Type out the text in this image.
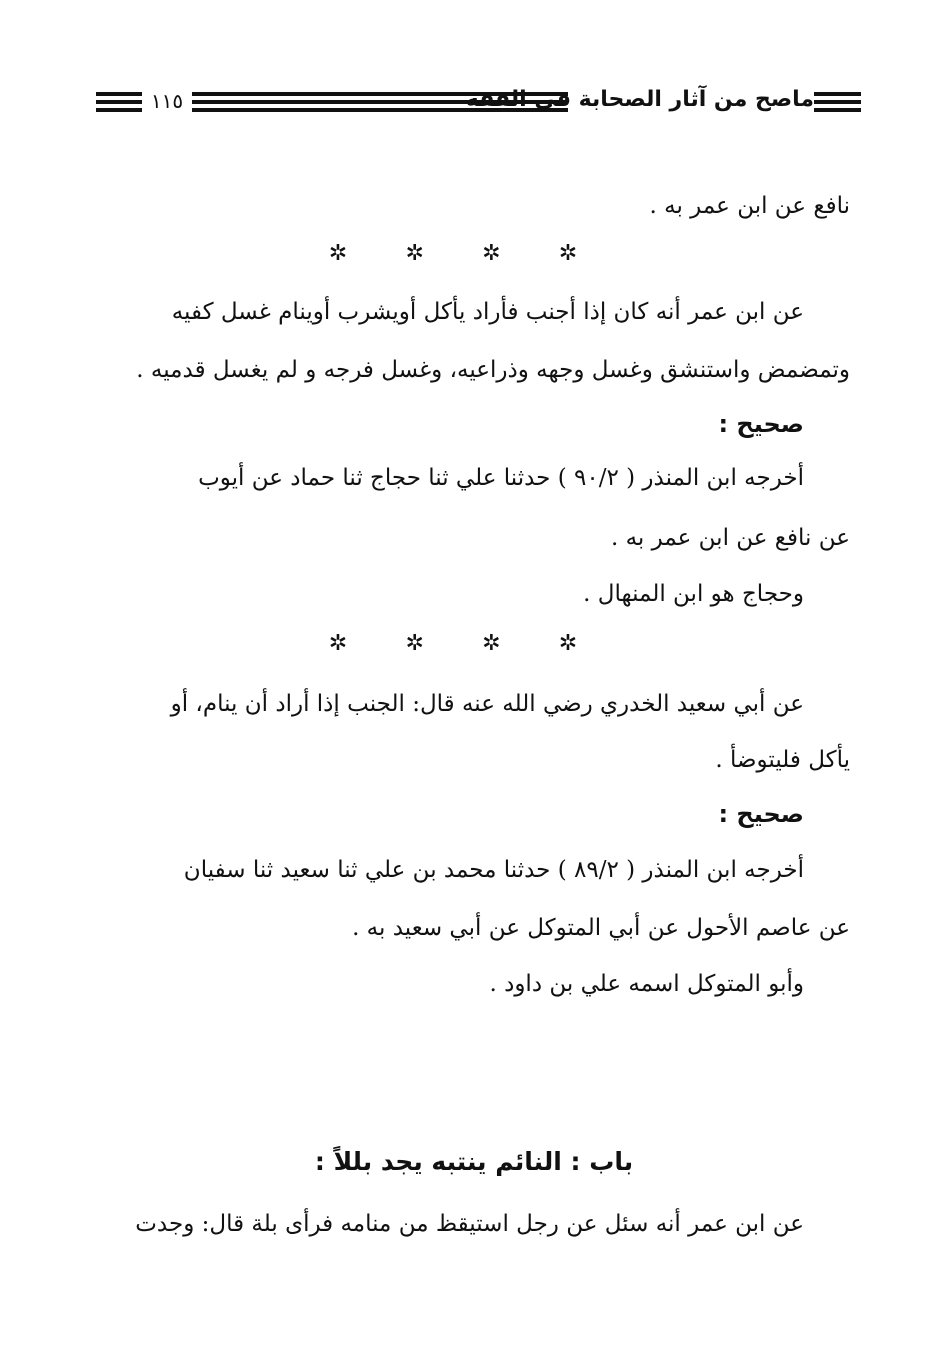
١١٥	ماصح من آثار الصحابة في الفقه
نافع عن ابن عمر به .
✲	✲	✲	✲
عن ابن عمر أنه كان إذا أجنب فأراد يأكل أويشرب أوينام غسل كفيه
وتمضمض واستنشق وغسل وجهه وذراعيه، وغسل فرجه و لم يغسل قدميه .
صحيح :
أخرجه ابن المنذر ( ٩٠/٢ ) حدثنا علي ثنا حجاج ثنا حماد عن أيوب
عن نافع عن ابن عمر به .
وحجاج هو ابن المنهال .
✲	✲	✲	✲
عن أبي سعيد الخدري رضي الله عنه قال: الجنب إذا أراد أن ينام، أو
يأكل فليتوضأ .
صحيح :
أخرجه ابن المنذر ( ٨٩/٢ ) حدثنا محمد بن علي ثنا سعيد ثنا سفيان
عن عاصم الأحول عن أبي المتوكل عن أبي سعيد به .
وأبو المتوكل اسمه علي بن داود .
باب : النائم ينتبه يجد بللاً :
عن ابن عمر أنه سئل عن رجل استيقظ من منامه فرأى بلة قال: وجدت
